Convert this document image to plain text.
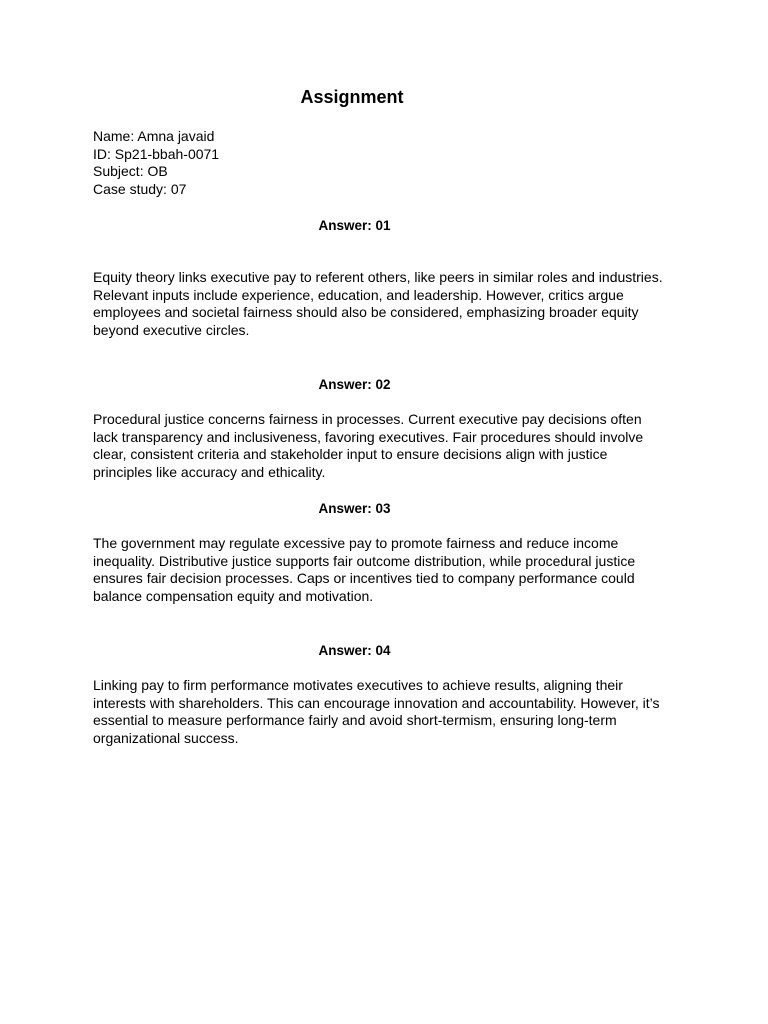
Assignment
Name: Amna javaid
ID: Sp21-bbah-0071
Subject: OB
Case study: 07
Answer: 01
Equity theory links executive pay to referent others, like peers in similar roles and industries.
Relevant inputs include experience, education, and leadership. However, critics argue
employees and societal fairness should also be considered, emphasizing broader equity
beyond executive circles.
Answer: 02
Procedural justice concerns fairness in processes. Current executive pay decisions often
lack transparency and inclusiveness, favoring executives. Fair procedures should involve
clear, consistent criteria and stakeholder input to ensure decisions align with justice
principles like accuracy and ethicality.
Answer: 03
The government may regulate excessive pay to promote fairness and reduce income
inequality. Distributive justice supports fair outcome distribution, while procedural justice
ensures fair decision processes. Caps or incentives tied to company performance could
balance compensation equity and motivation.
Answer: 04
Linking pay to firm performance motivates executives to achieve results, aligning their
interests with shareholders. This can encourage innovation and accountability. However, it’s
essential to measure performance fairly and avoid short-termism, ensuring long-term
organizational success.
